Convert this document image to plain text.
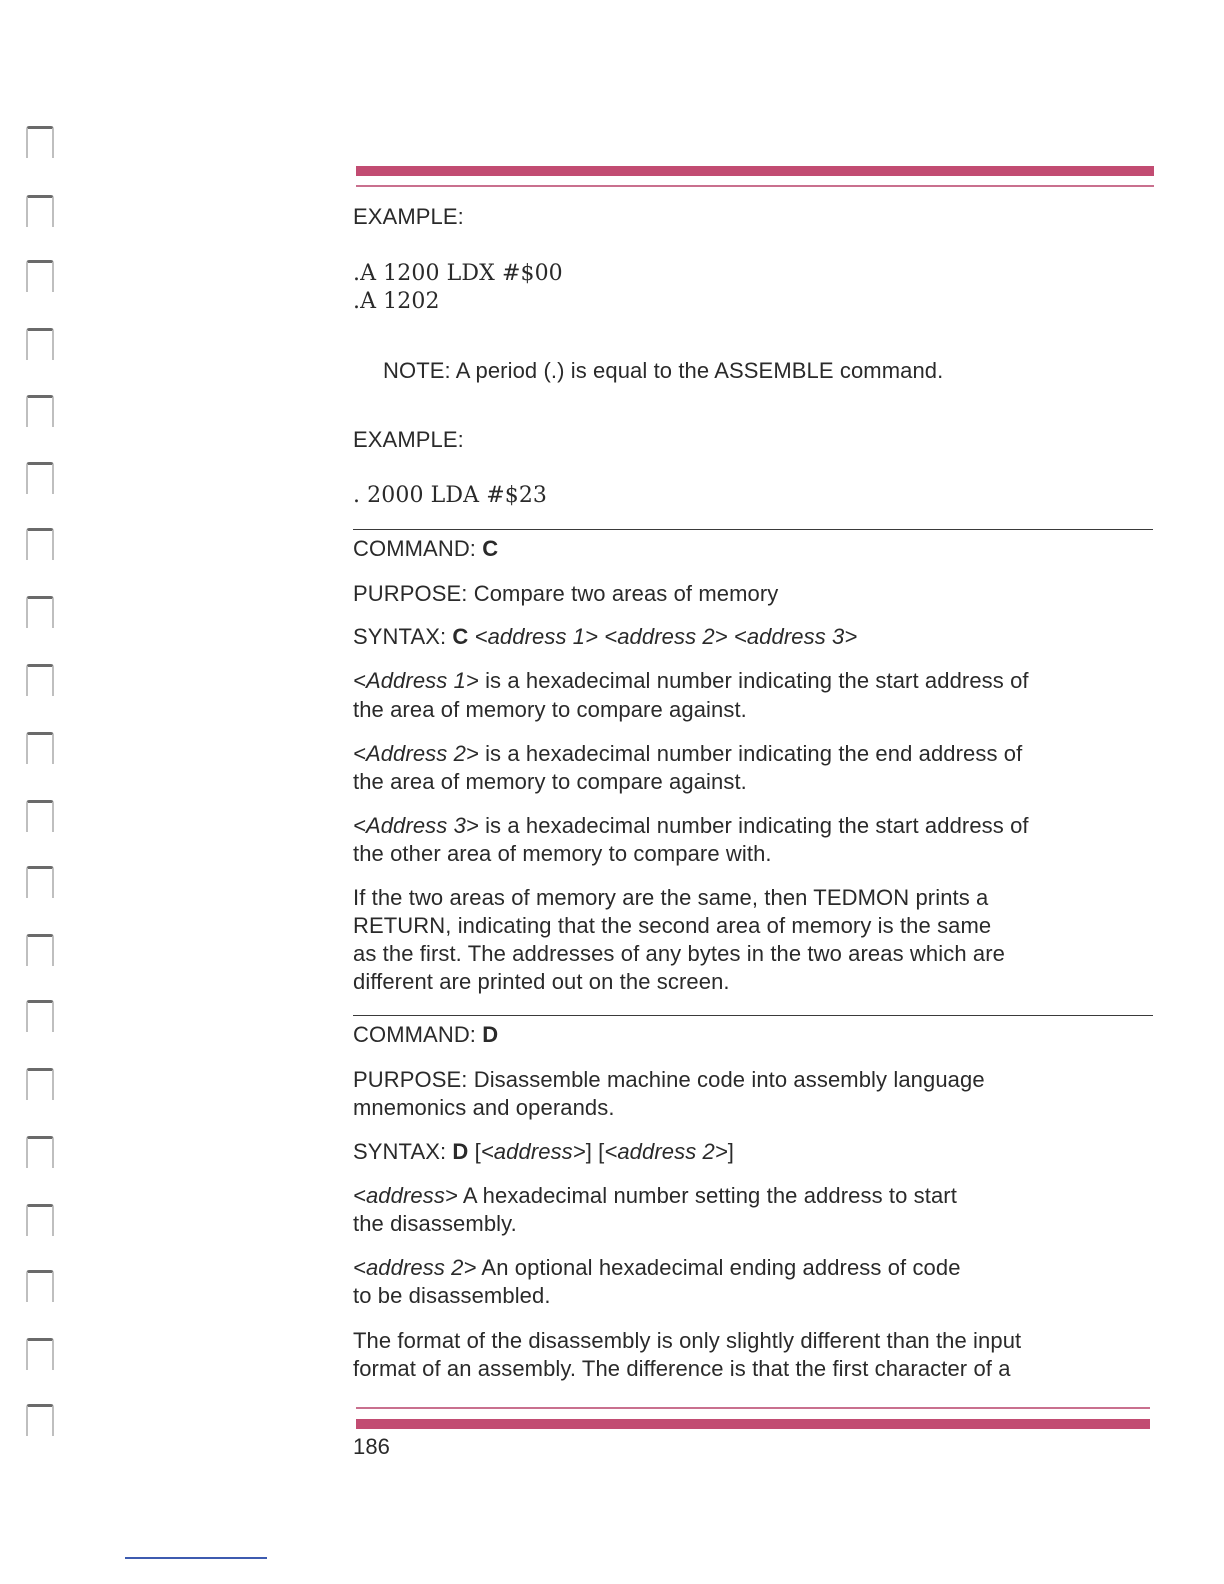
EXAMPLE:

.A 1200 LDX #$00

.A 1202

NOTE: A period (.) is equal to the ASSEMBLE command.

EXAMPLE:

. 2000 LDA #$23

COMMAND: C

PURPOSE: Compare two areas of memory

SYNTAX: C <address 1> <address 2> <address 3>

<Address 1> is a hexadecimal number indicating the start address of

the area of memory to compare against.

<Address 2> is a hexadecimal number indicating the end address of

the area of memory to compare against.

<Address 3> is a hexadecimal number indicating the start address of

the other area of memory to compare with.

If the two areas of memory are the same, then TEDMON prints a

RETURN, indicating that the second area of memory is the same

as the first. The addresses of any bytes in the two areas which are

different are printed out on the screen.

COMMAND: D

PURPOSE: Disassemble machine code into assembly language

mnemonics and operands.

SYNTAX: D [<address>] [<address 2>]

<address> A hexadecimal number setting the address to start

the disassembly.

<address 2> An optional hexadecimal ending address of code

to be disassembled.

The format of the disassembly is only slightly different than the input

format of an assembly. The difference is that the first character of a

186
